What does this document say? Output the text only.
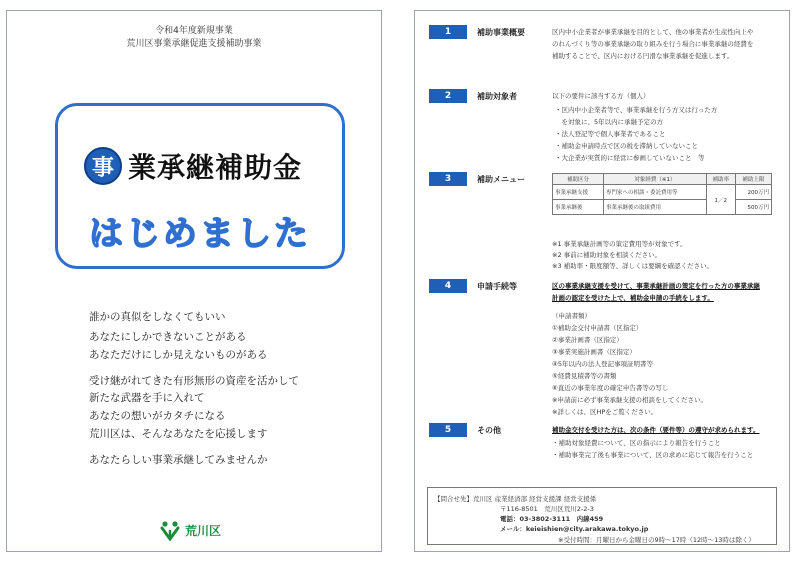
令和4年度新規事業
荒川区事業承継促進支援補助事業
事 業承継補助金
はじめました
誰かの真似をしなくてもいい
あなたにしかできないことがある
あなただけにしか見えないものがある
受け継がれてきた有形無形の資産を活かして
新たな武器を手に入れて
あなたの想いがカタチになる
荒川区は、そんなあなたを応援します
あなたらしい事業承継してみませんか
荒川区
1	補助事業概要	区内中小企業者が事業承継を目的として、他の事業者が生産性向上や
のれんづくり等の事業承継の取り組みを行う場合に事業承継の経費を
補助することで、区内における円滑な事業承継を促進します。
2	補助対象者	以下の要件に該当する方（個人）
・区内中小企業者等で、事業承継を行う方又は行った方
　を対象に、5年以内に承継予定の方
・法人登記等で個人事業者であること
・補助金申請時点で区の税を滞納していないこと
・大企業が実質的に経営に参画していないこと　等
3	補助メニュー	補助区分	対象経費（※1）	補助率	補助上限
事業承継支援	専門家への相談・委託費用等	1／2	200万円
事業承継後	事業承継後の取組費用		500万円
※1 事業承継計画等の策定費用等が対象です。
※2 事前に補助対象を相談ください。
※3 補助率・限度額等、詳しくは要綱を確認ください。
4	申請手続等	区の事業承継支援を受けて、事業承継計画の策定を行った方の事業承継
計画の認定を受けた上で、補助金申請の手続をします。
（申請書類）
①補助金交付申請書（区指定）
②事業計画書（区指定）
③事業実施計画書（区指定）
④5年以内の法人登記事項証明書等
⑤経費見積書等の書類
⑥直近の事業年度の確定申告書等の写し
※申請前に必ず事業承継支援の相談をしてください。
※詳しくは、区HPをご覧ください。
5	その他	補助金交付を受けた方は、次の条件（要件等）の遵守が求められます。
・補助対象経費について、区の指示により報告を行うこと
・補助事業完了後も事業について、区の求めに応じて報告を行うこと
【問合せ先】荒川区 産業経済部 経営支援課 経営支援係
〒116-8501　荒川区荒川2-2-3
電話：03-3802-3111　内線459
メール：keieishien@city.arakawa.tokyo.jp
※受付時間：月曜日から金曜日の9時〜17時（12時〜13時は除く）
